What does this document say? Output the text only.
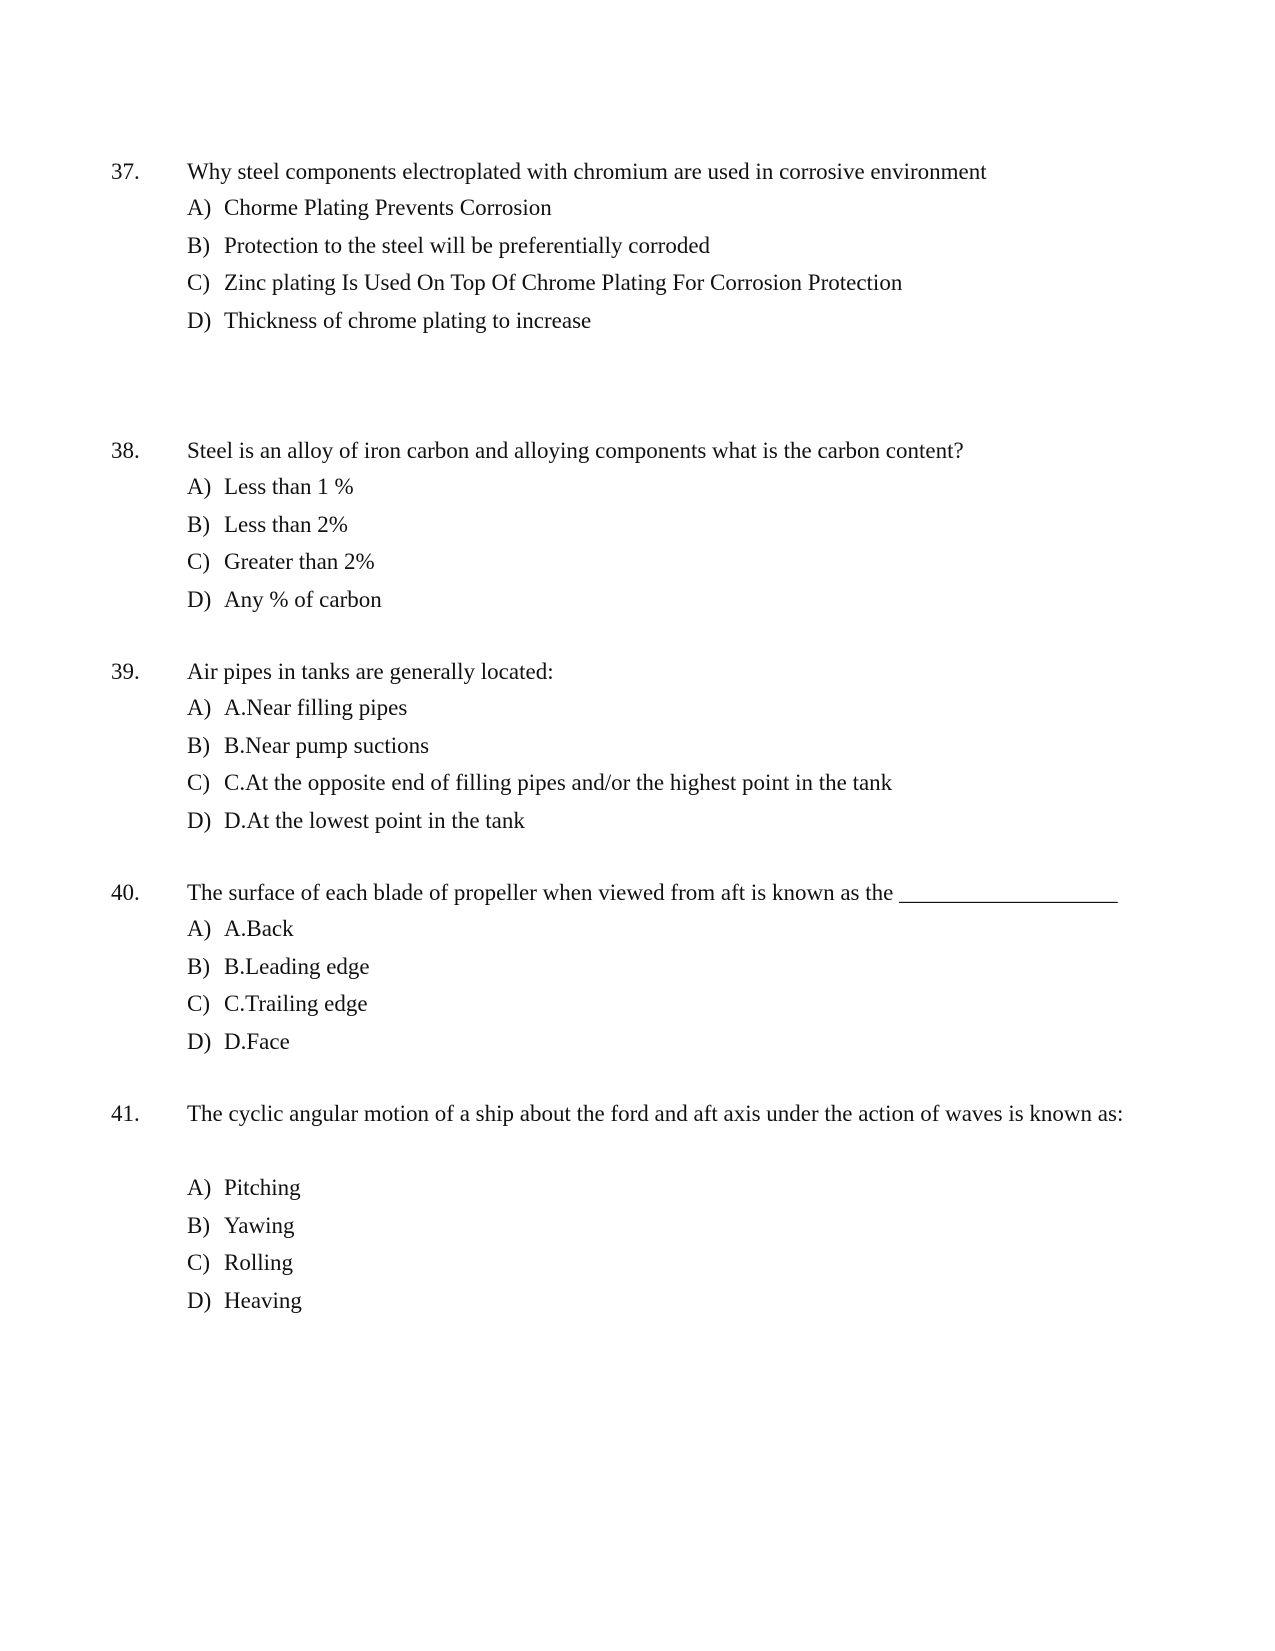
37. Why steel components electroplated with chromium are used in corrosive environment
A) Chorme Plating Prevents Corrosion
B) Protection to the steel will be preferentially corroded
C) Zinc plating Is Used On Top Of Chrome Plating For Corrosion Protection
D) Thickness of chrome plating to increase
38. Steel is an alloy of iron carbon and alloying components what is the carbon content?
A) Less than 1 %
B) Less than 2%
C) Greater than 2%
D) Any % of carbon
39. Air pipes in tanks are generally located:
A) A.Near filling pipes
B) B.Near pump suctions
C) C.At the opposite end of filling pipes and/or the highest point in the tank
D) D.At the lowest point in the tank
40. The surface of each blade of propeller when viewed from aft is known as the ___________________
A) A.Back
B) B.Leading edge
C) C.Trailing edge
D) D.Face
41. The cyclic angular motion of a ship about the ford and aft axis under the action of waves is known as:
A) Pitching
B) Yawing
C) Rolling
D) Heaving
